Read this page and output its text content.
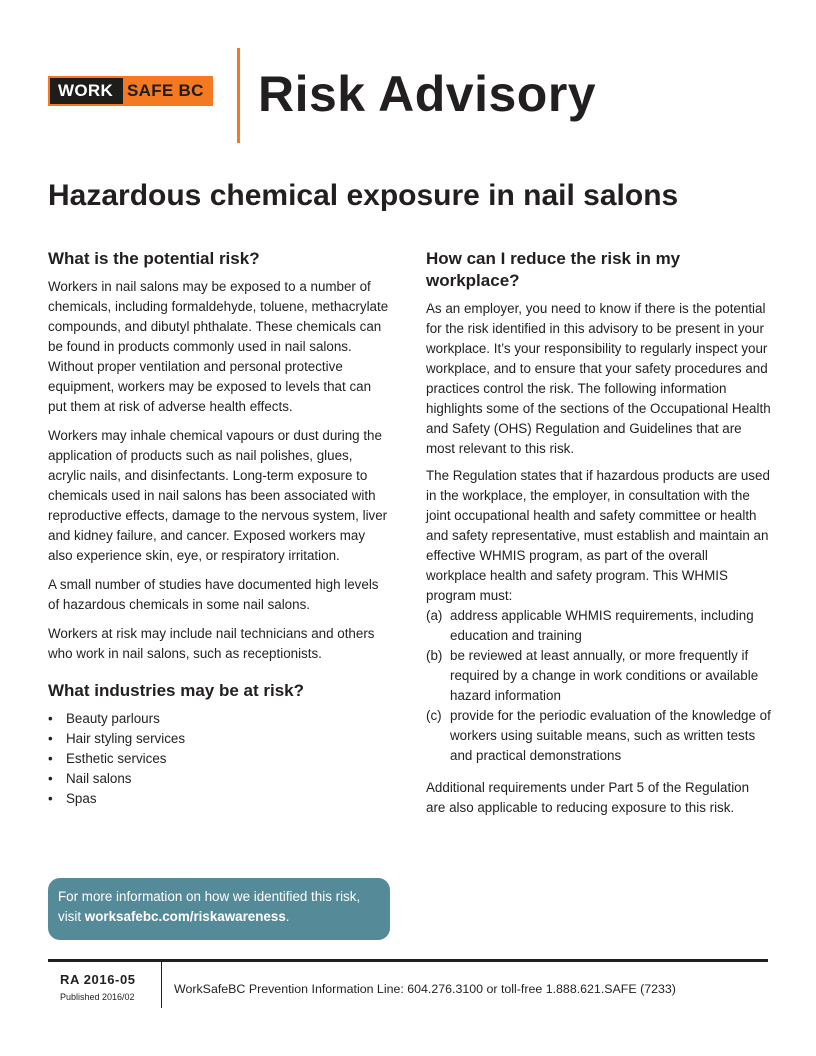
WORK SAFE BC Risk Advisory
Hazardous chemical exposure in nail salons
What is the potential risk?

Workers in nail salons may be exposed to a number of chemicals, including formaldehyde, toluene, methacrylate compounds, and dibutyl phthalate. These chemicals can be found in products commonly used in nail salons. Without proper ventilation and personal protective equipment, workers may be exposed to levels that can put them at risk of adverse health effects.

Workers may inhale chemical vapours or dust during the application of products such as nail polishes, glues, acrylic nails, and disinfectants. Long-term exposure to chemicals used in nail salons has been associated with reproductive effects, damage to the nervous system, liver and kidney failure, and cancer. Exposed workers may also experience skin, eye, or respiratory irritation.

A small number of studies have documented high levels of hazardous chemicals in some nail salons.

Workers at risk may include nail technicians and others who work in nail salons, such as receptionists.

What industries may be at risk?
• Beauty parlours
• Hair styling services
• Esthetic services
• Nail salons
• Spas
For more information on how we identified this risk, visit worksafebc.com/riskawareness.
How can I reduce the risk in my workplace?

As an employer, you need to know if there is the potential for the risk identified in this advisory to be present in your workplace. It’s your responsibility to regularly inspect your workplace, and to ensure that your safety procedures and practices control the risk. The following information highlights some of the sections of the Occupational Health and Safety (OHS) Regulation and Guidelines that are most relevant to this risk.

The Regulation states that if hazardous products are used in the workplace, the employer, in consultation with the joint occupational health and safety committee or health and safety representative, must establish and maintain an effective WHMIS program, as part of the overall workplace health and safety program. This WHMIS program must:

(a) address applicable WHMIS requirements, including education and training
(b) be reviewed at least annually, or more frequently if required by a change in work conditions or available hazard information
(c) provide for the periodic evaluation of the knowledge of workers using suitable means, such as written tests and practical demonstrations

Additional requirements under Part 5 of the Regulation are also applicable to reducing exposure to this risk.

RA 2016-05
Published 2016/02
WorkSafeBC Prevention Information Line: 604.276.3100 or toll-free 1.888.621.SAFE (7233)
